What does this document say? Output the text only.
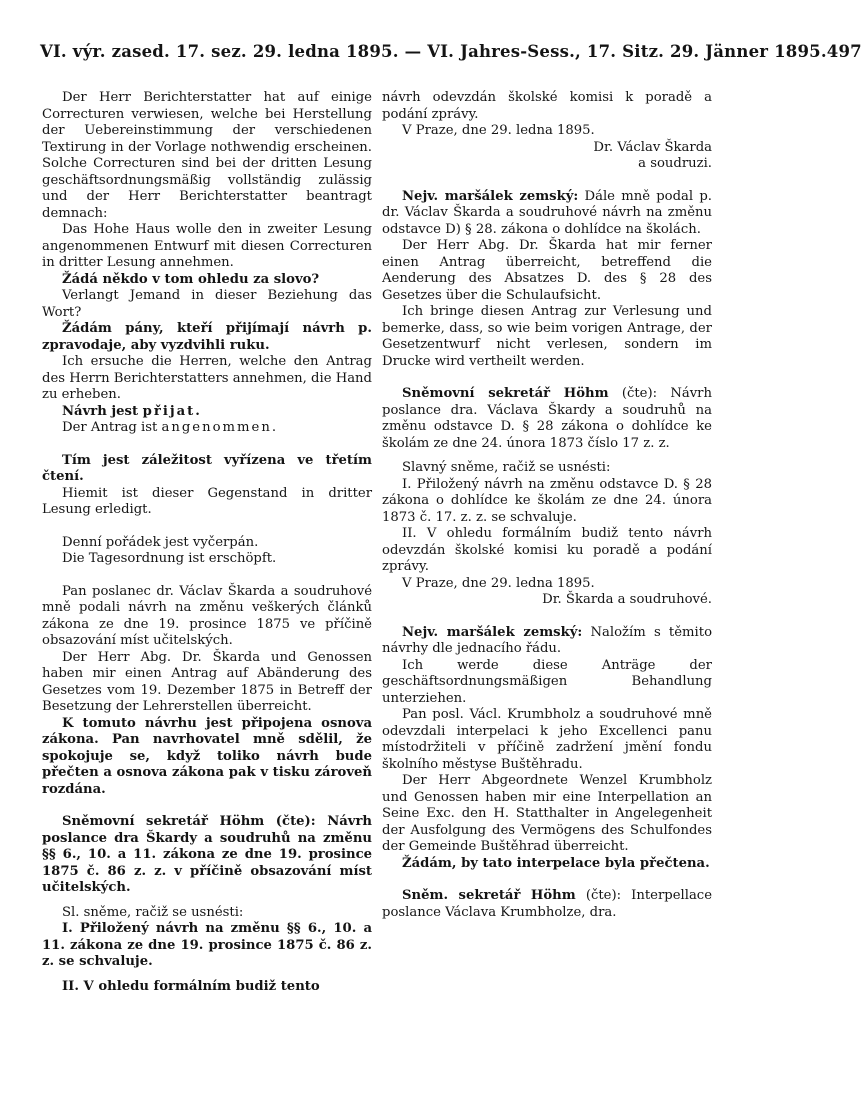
VI. výr. zased. 17. sez. 29. ledna 1895. — VI. Jahres-Sess., 17. Sitz. 29. Jänner 1895. 497

Der Herr Berichterstatter hat auf einige Correcturen verwiesen, welche bei Herstellung der Uebereinstimmung der verschiedenen Textirung in der Vorlage nothwendig erscheinen. Solche Correcturen sind bei der dritten Lesung geschäftsordnungsmäßig vollständig zulässig und der Herr Berichterstatter beantragt demnach:

Das Hohe Haus wolle den in zweiter Lesung angenommenen Entwurf mit diesen Correcturen in dritter Lesung annehmen.

Žádá někdo v tom ohledu za slovo?

Verlangt Jemand in dieser Beziehung das Wort?

Žádám pány, kteří přijímají návrh p. zpravodaje, aby vyzdvihli ruku.

Ich ersuche die Herren, welche den Antrag des Herrn Berichterstatters annehmen, die Hand zu erheben.

Návrh jest přijat.

Der Antrag ist angenommen.

Tím jest záležitost vyřízena ve třetím čtení.

Hiemit ist dieser Gegenstand in dritter Lesung erledigt.

Denní pořádek jest vyčerpán.

Die Tagesordnung ist erschöpft.

Pan poslanec dr. Václav Škarda a soudruhové mně podali návrh na změnu veškerých článků zákona ze dne 19. prosince 1875 ve příčině obsazování míst učitelských.

Der Herr Abg. Dr. Škarda und Genossen haben mir einen Antrag auf Abänderung des Gesetzes vom 19. Dezember 1875 in Betreff der Besetzung der Lehrerstellen überreicht.

K tomuto návrhu jest připojena osnova zákona. Pan navrhovatel mně sdělil, že spokojuje se, když toliko návrh bude přečten a osnova zákona pak v tisku zároveň rozdána.

Sněmovní sekretář Höhm (čte): Návrh poslance dra Škardy a soudruhů na změnu §§ 6., 10. a 11. zákona ze dne 19. prosince 1875 č. 86 z. z. v příčině obsazování míst učitelských.

Sl. sněme, račiž se usnésti:

I. Přiložený návrh na změnu §§ 6., 10. a 11. zákona ze dne 19. prosince 1875 č. 86 z. z. se schvaluje.

II. V ohledu formálním budiž tento

návrh odevzdán školské komisi k poradě a podání zprávy.

V Praze, dne 29. ledna 1895.

Dr. Václav Škarda

a soudruzi.

Nejv. maršálek zemský: Dále mně podal p. dr. Václav Škarda a soudruhové návrh na změnu odstavce D) § 28. zákona o dohlídce na školách.

Der Herr Abg. Dr. Škarda hat mir ferner einen Antrag überreicht, betreffend die Aenderung des Absatzes D. des § 28 des Gesetzes über die Schulaufsicht.

Ich bringe diesen Antrag zur Verlesung und bemerke, dass, so wie beim vorigen Antrage, der Gesetzentwurf nicht verlesen, sondern im Drucke wird vertheilt werden.

Sněmovní sekretář Höhm (čte): Návrh poslance dra. Václava Škardy a soudruhů na změnu odstavce D. § 28 zákona o dohlídce ke školám ze dne 24. února 1873 číslo 17 z. z.

Slavný sněme, račiž se usnésti:

I. Přiložený návrh na změnu odstavce D. § 28 zákona o dohlídce ke školám ze dne 24. února 1873 č. 17. z. z. se schvaluje.

II. V ohledu formálním budiž tento návrh odevzdán školské komisi ku poradě a podání zprávy.

V Praze, dne 29. ledna 1895.

Dr. Škarda a soudruhové.

Nejv. maršálek zemský: Naložím s těmito návrhy dle jednacího řádu.

Ich werde diese Anträge der geschäftsordnungsmäßigen Behandlung unterziehen.

Pan posl. Václ. Krumbholz a soudruhové mně odevzdali interpelaci k jeho Excellenci panu místodržiteli v příčině zadržení jmění fondu školního městyse Buštěhradu.

Der Herr Abgeordnete Wenzel Krumbholz und Genossen haben mir eine Interpellation an Seine Exc. den H. Statthalter in Angelegenheit der Ausfolgung des Vermögens des Schulfondes der Gemeinde Buštěhrad überreicht.

Žádám, by tato interpelace byla přečtena.

Sněm. sekretář Höhm (čte): Interpellace poslance Václava Krumbholze, dra.
